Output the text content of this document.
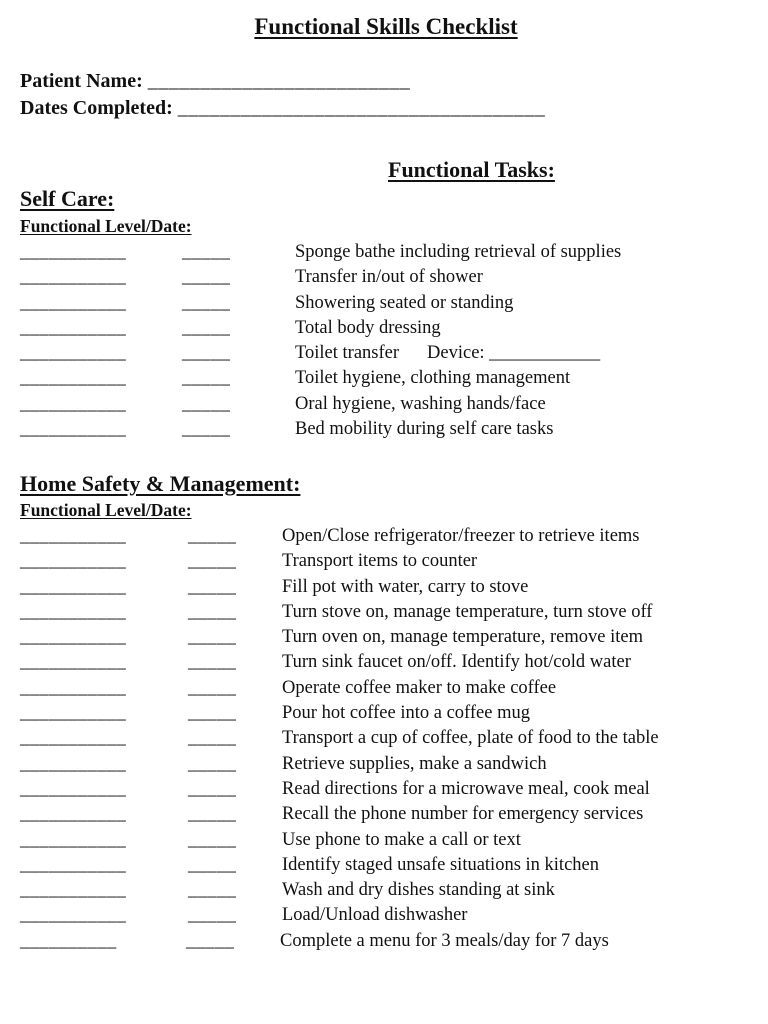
Functional Skills Checklist
Patient Name: _________________________
Dates Completed: ___________________________________
Functional Tasks:
Self Care:
Functional Level/Date:
___________	_____	Sponge bathe including retrieval of supplies
___________	_____	Transfer in/out of shower
___________	_____	Showering seated or standing
___________	_____	Total body dressing
___________	_____	Toilet transfer Device: ____________
___________	_____	Toilet hygiene, clothing management
___________	_____	Oral hygiene, washing hands/face
___________	_____	Bed mobility during self care tasks
Home Safety & Management:
Functional Level/Date:
___________	_____ Open/Close refrigerator/freezer to retrieve items
___________	_____ Transport items to counter
___________	_____ Fill pot with water, carry to stove
___________	_____ Turn stove on, manage temperature, turn stove off
___________	_____ Turn oven on, manage temperature, remove item
___________	_____ Turn sink faucet on/off. Identify hot/cold water
___________	_____ Operate coffee maker to make coffee
___________	_____ Pour hot coffee into a coffee mug
___________	_____ Transport a cup of coffee, plate of food to the table
___________	_____ Retrieve supplies, make a sandwich
___________	_____ Read directions for a microwave meal, cook meal
___________	_____ Recall the phone number for emergency services
___________	_____ Use phone to make a call or text
___________	_____ Identify staged unsafe situations in kitchen
___________	_____ Wash and dry dishes standing at sink
___________	_____ Load/Unload dishwasher
__________	_____ Complete a menu for 3 meals/day for 7 days
